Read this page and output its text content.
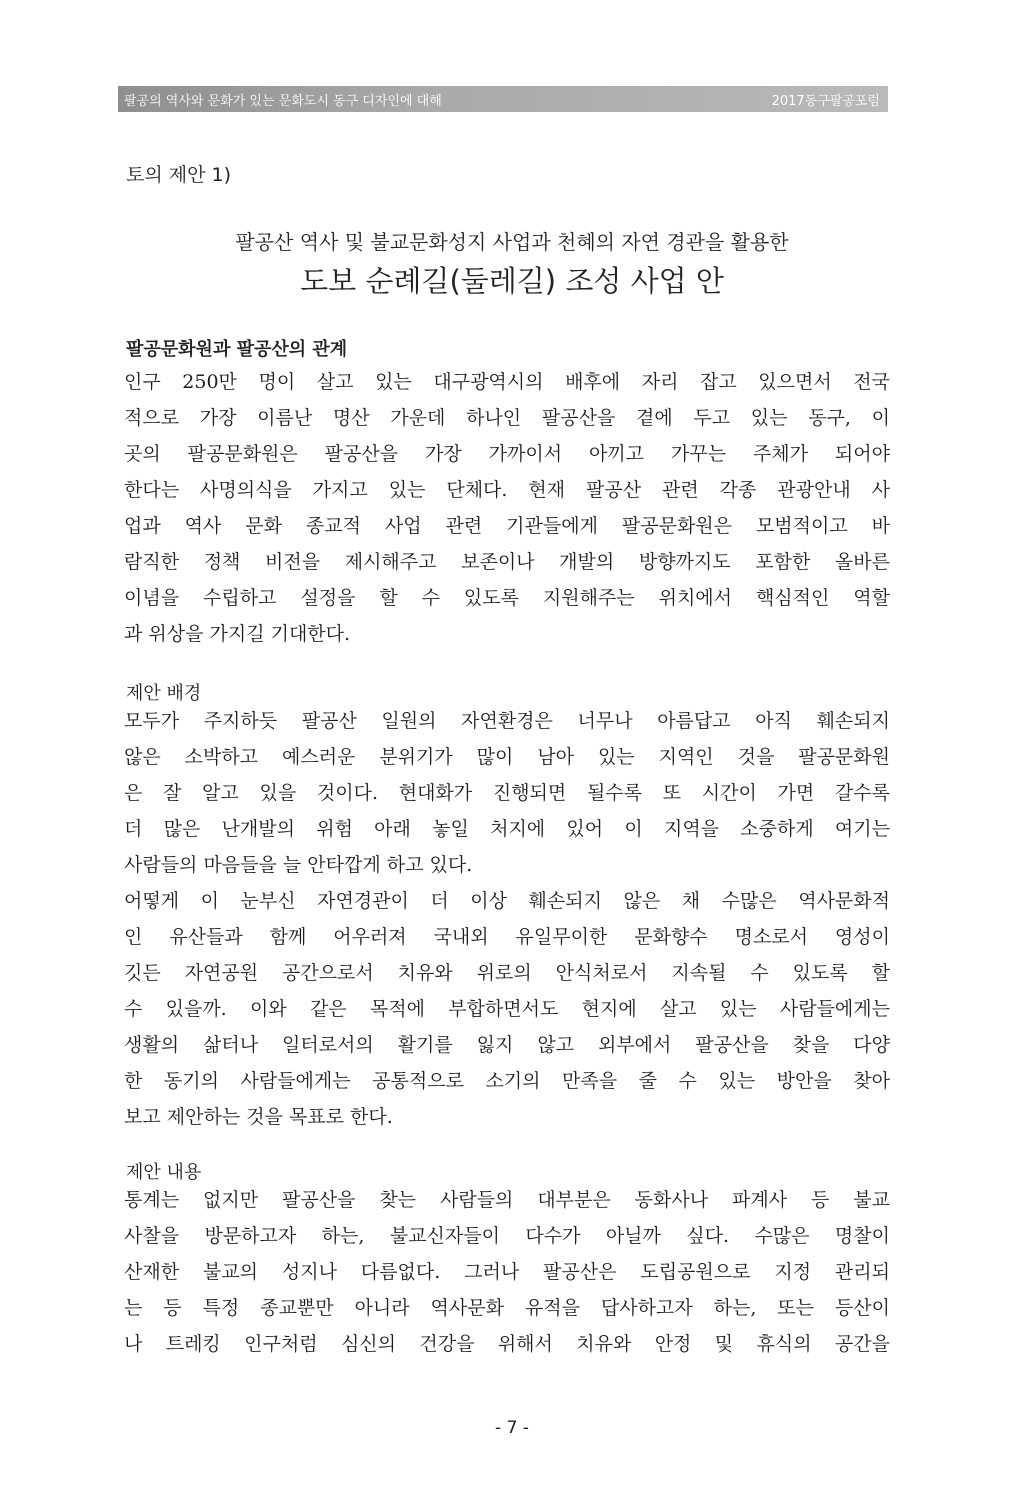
팔공의 역사와 문화가 있는 문화도시 동구 디자인에 대해	2017동구팔공포럼
토의 제안 1)
팔공산 역사 및 불교문화성지 사업과 천혜의 자연 경관을 활용한
도보 순례길(둘레길) 조성 사업 안
팔공문화원과 팔공산의 관계
인구 250만 명이 살고 있는 대구광역시의 배후에 자리 잡고 있으면서 전국
적으로 가장 이름난 명산 가운데 하나인 팔공산을 곁에 두고 있는 동구, 이
곳의 팔공문화원은 팔공산을 가장 가까이서 아끼고 가꾸는 주체가 되어야
한다는 사명의식을 가지고 있는 단체다. 현재 팔공산 관련 각종 관광안내 사
업과 역사 문화 종교적 사업 관련 기관들에게 팔공문화원은 모범적이고 바
람직한 정책 비전을 제시해주고 보존이나 개발의 방향까지도 포함한 올바른
이념을 수립하고 설정을 할 수 있도록 지원해주는 위치에서 핵심적인 역할
과 위상을 가지길 기대한다.
제안 배경
모두가 주지하듯 팔공산 일원의 자연환경은 너무나 아름답고 아직 훼손되지
않은 소박하고 예스러운 분위기가 많이 남아 있는 지역인 것을 팔공문화원
은 잘 알고 있을 것이다. 현대화가 진행되면 될수록 또 시간이 가면 갈수록
더 많은 난개발의 위험 아래 놓일 처지에 있어 이 지역을 소중하게 여기는
사람들의 마음들을 늘 안타깝게 하고 있다.
어떻게 이 눈부신 자연경관이 더 이상 훼손되지 않은 채 수많은 역사문화적
인 유산들과 함께 어우러져 국내외 유일무이한 문화향수 명소로서 영성이
깃든 자연공원 공간으로서 치유와 위로의 안식처로서 지속될 수 있도록 할
수 있을까. 이와 같은 목적에 부합하면서도 현지에 살고 있는 사람들에게는
생활의 삶터나 일터로서의 활기를 잃지 않고 외부에서 팔공산을 찾을 다양
한 동기의 사람들에게는 공통적으로 소기의 만족을 줄 수 있는 방안을 찾아
보고 제안하는 것을 목표로 한다.
제안 내용
통계는 없지만 팔공산을 찾는 사람들의 대부분은 동화사나 파계사 등 불교
사찰을 방문하고자 하는, 불교신자들이 다수가 아닐까 싶다. 수많은 명찰이
산재한 불교의 성지나 다름없다. 그러나 팔공산은 도립공원으로 지정 관리되
는 등 특정 종교뿐만 아니라 역사문화 유적을 답사하고자 하는, 또는 등산이
나 트레킹 인구처럼 심신의 건강을 위해서 치유와 안정 및 휴식의 공간을
- 7 -
